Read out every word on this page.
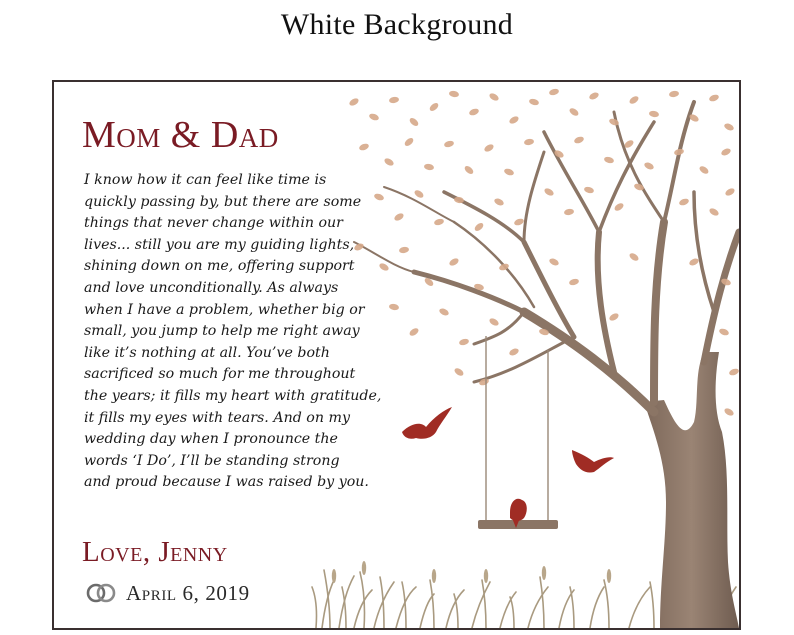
White Background
Mom & Dad
I know how it can feel like time is
quickly passing by, but there are some
things that never change within our
lives... still you are my guiding lights,
shining down on me, offering support
and love unconditionally. As always
when I have a problem, whether big or
small, you jump to help me right away
like it’s nothing at all. You’ve both
sacrificed so much for me throughout
the years; it fills my heart with gratitude,
it fills my eyes with tears. And on my
wedding day when I pronounce the
words ‘I Do’, I’ll be standing strong
and proud because I was raised by you.
Love, Jenny
April 6, 2019
